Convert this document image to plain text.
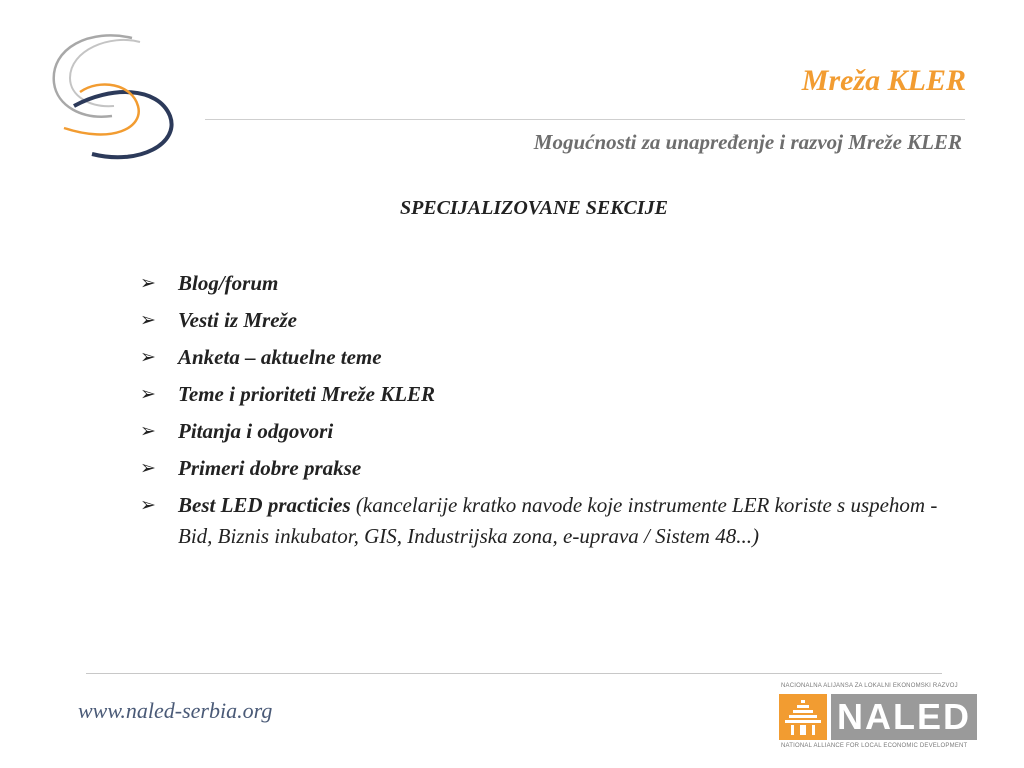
Mreža KLER
Mogućnosti za unapređenje i razvoj Mreže KLER
SPECIJALIZOVANE SEKCIJE
➢ Blog/forum
➢ Vesti iz Mreže
➢ Anketa – aktuelne teme
➢ Teme i prioriteti Mreže KLER
➢ Pitanja i odgovori
➢ Primeri dobre prakse
➢ Best LED practicies (kancelarije kratko navode koje instrumente LER koriste s uspehom - Bid, Biznis inkubator, GIS, Industrijska zona, e-uprava / Sistem 48...)
www.naled-serbia.org
NACIONALNA ALIJANSA ZA LOKALNI EKONOMSKI RAZVOJ
NALED
NATIONAL ALLIANCE FOR LOCAL ECONOMIC DEVELOPMENT
